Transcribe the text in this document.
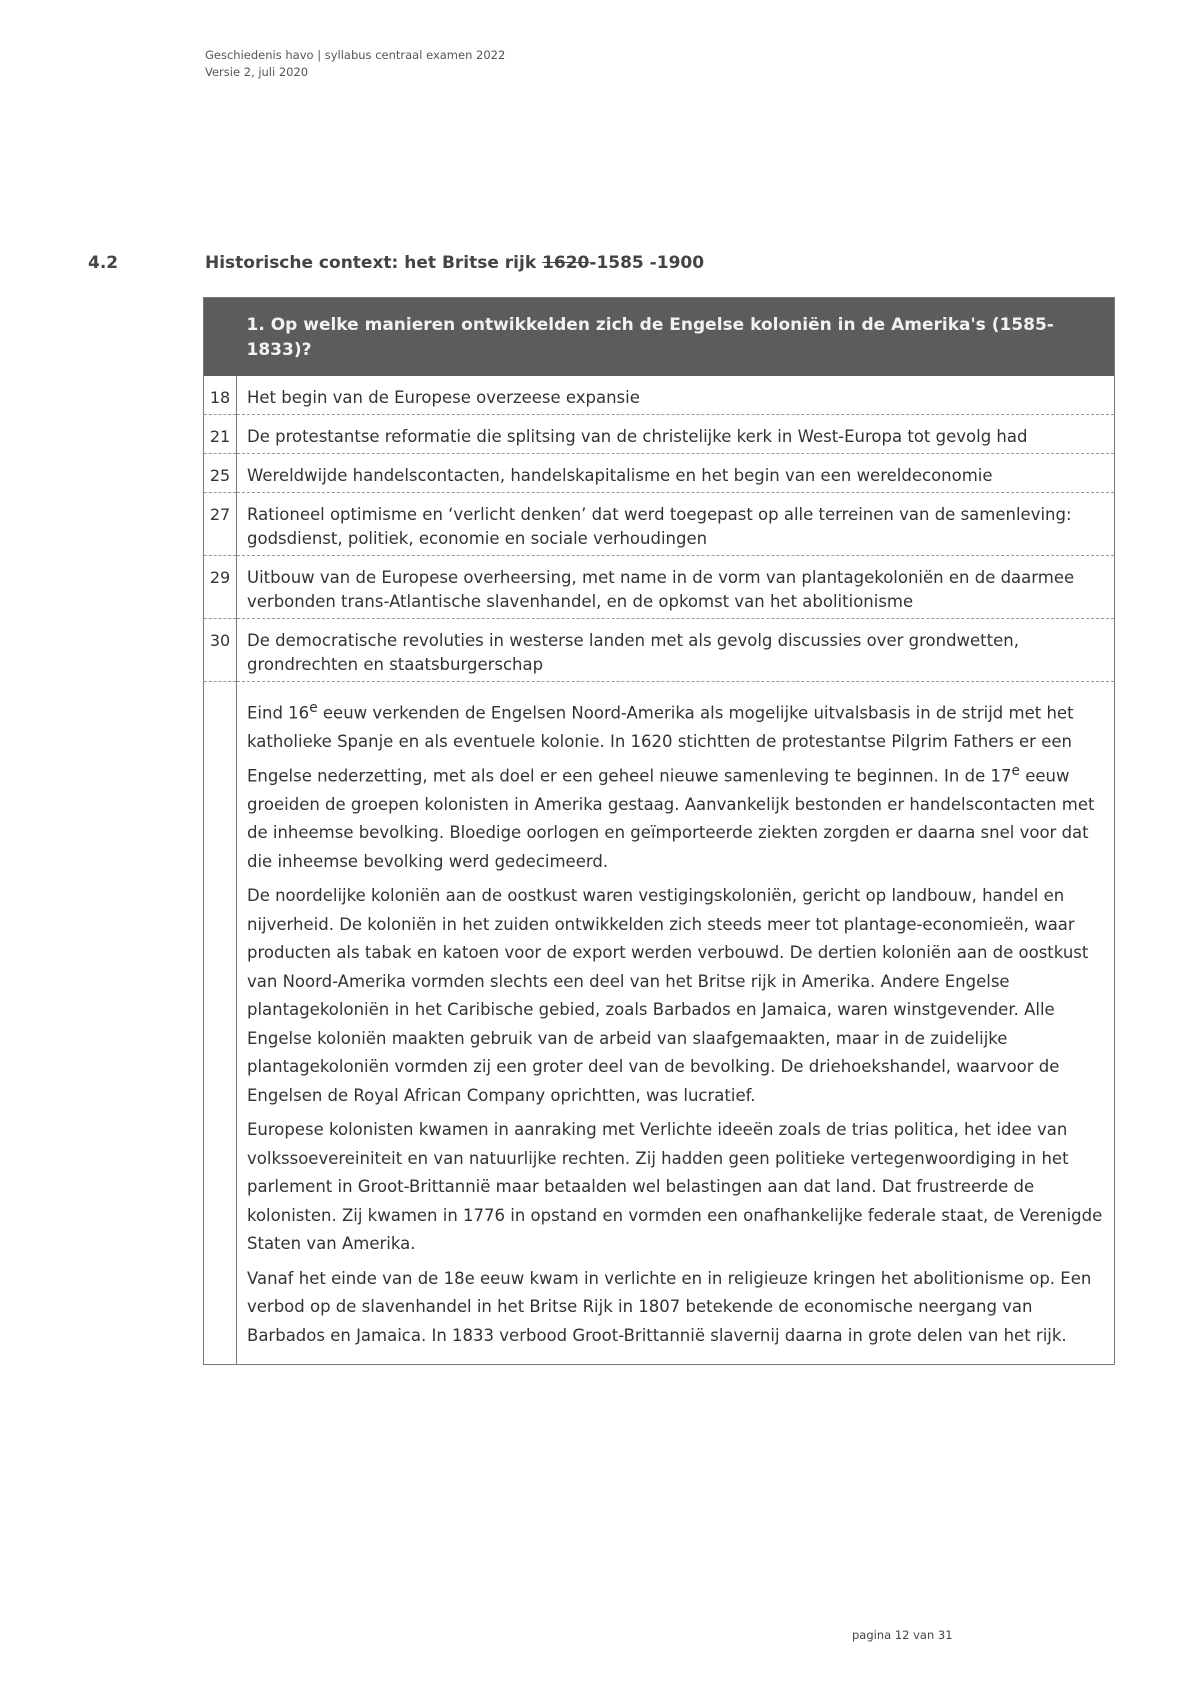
Geschiedenis havo | syllabus centraal examen 2022
Versie 2, juli 2020
4.2	Historische context: het Britse rijk 1620-1585 -1900
	1. Op welke manieren ontwikkelden zich de Engelse koloniën in de Amerika's (1585-1833)?
18	Het begin van de Europese overzeese expansie
21	De protestantse reformatie die splitsing van de christelijke kerk in West-Europa tot gevolg had
25	Wereldwijde handelscontacten, handelskapitalisme en het begin van een wereldeconomie
27	Rationeel optimisme en ‘verlicht denken’ dat werd toegepast op alle terreinen van de samenleving: godsdienst, politiek, economie en sociale verhoudingen
29	Uitbouw van de Europese overheersing, met name in de vorm van plantagekoloniën en de daarmee verbonden trans-Atlantische slavenhandel, en de opkomst van het abolitionisme
30	De democratische revoluties in westerse landen met als gevolg discussies over grondwetten, grondrechten en staatsburgerschap

	Eind 16e eeuw verkenden de Engelsen Noord-Amerika als mogelijke uitvalsbasis in de strijd met het katholieke Spanje en als eventuele kolonie. In 1620 stichtten de protestantse Pilgrim Fathers er een Engelse nederzetting, met als doel er een geheel nieuwe samenleving te beginnen. In de 17e eeuw groeiden de groepen kolonisten in Amerika gestaag. Aanvankelijk bestonden er handelscontacten met de inheemse bevolking. Bloedige oorlogen en geïmporteerde ziekten zorgden er daarna snel voor dat die inheemse bevolking werd gedecimeerd.

De noordelijke koloniën aan de oostkust waren vestigingskoloniën, gericht op landbouw, handel en nijverheid. De koloniën in het zuiden ontwikkelden zich steeds meer tot plantage-economieën, waar producten als tabak en katoen voor de export werden verbouwd. De dertien koloniën aan de oostkust van Noord-Amerika vormden slechts een deel van het Britse rijk in Amerika. Andere Engelse plantagekoloniën in het Caribische gebied, zoals Barbados en Jamaica, waren winstgevender. Alle Engelse koloniën maakten gebruik van de arbeid van slaafgemaakten, maar in de zuidelijke plantagekoloniën vormden zij een groter deel van de bevolking. De driehoekshandel, waarvoor de Engelsen de Royal African Company oprichtten, was lucratief.

Europese kolonisten kwamen in aanraking met Verlichte ideeën zoals de trias politica, het idee van volkssoevereiniteit en van natuurlijke rechten. Zij hadden geen politieke vertegenwoordiging in het parlement in Groot-Brittannië maar betaalden wel belastingen aan dat land. Dat frustreerde de kolonisten. Zij kwamen in 1776 in opstand en vormden een onafhankelijke federale staat, de Verenigde Staten van Amerika.

Vanaf het einde van de 18e eeuw kwam in verlichte en in religieuze kringen het abolitionisme op. Een verbod op de slavenhandel in het Britse Rijk in 1807 betekende de economische neergang van Barbados en Jamaica. In 1833 verbood Groot-Brittannië slavernij daarna in grote delen van het rijk.

pagina 12 van 31
